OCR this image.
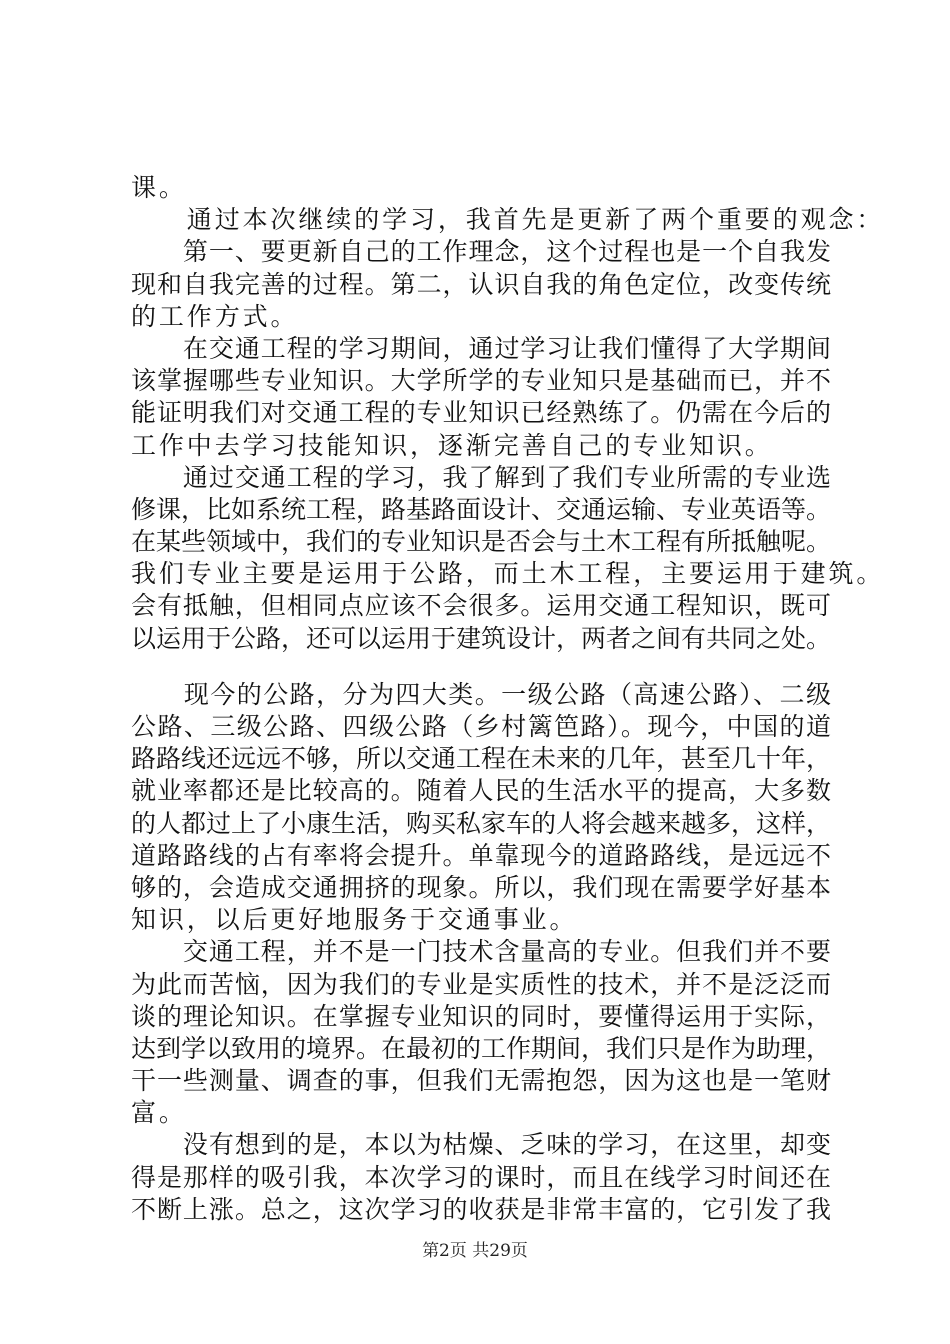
课。
　　通过本次继续的学习，我首先是更新了两个重要的观念：
　　第一、要更新自己的工作理念，这个过程也是一个自我发
现和自我完善的过程。第二，认识自我的角色定位，改变传统
的工作方式。
　　在交通工程的学习期间，通过学习让我们懂得了大学期间
该掌握哪些专业知识。大学所学的专业知只是基础而已，并不
能证明我们对交通工程的专业知识已经熟练了。仍需在今后的
工作中去学习技能知识，逐渐完善自己的专业知识。
　　通过交通工程的学习，我了解到了我们专业所需的专业选
修课，比如系统工程，路基路面设计、交通运输、专业英语等。
在某些领域中，我们的专业知识是否会与土木工程有所抵触呢。
我们专业主要是运用于公路，而土木工程，主要运用于建筑。
会有抵触，但相同点应该不会很多。运用交通工程知识，既可
以运用于公路，还可以运用于建筑设计，两者之间有共同之处。
　　现今的公路，分为四大类。一级公路（高速公路）、二级
公路、三级公路、四级公路（乡村篱笆路）。现今，中国的道
路路线还远远不够，所以交通工程在未来的几年，甚至几十年，
就业率都还是比较高的。随着人民的生活水平的提高，大多数
的人都过上了小康生活，购买私家车的人将会越来越多，这样，
道路路线的占有率将会提升。单靠现今的道路路线，是远远不
够的，会造成交通拥挤的现象。所以，我们现在需要学好基本
知识，以后更好地服务于交通事业。
　　交通工程，并不是一门技术含量高的专业。但我们并不要
为此而苦恼，因为我们的专业是实质性的技术，并不是泛泛而
谈的理论知识。在掌握专业知识的同时，要懂得运用于实际，
达到学以致用的境界。在最初的工作期间，我们只是作为助理，
干一些测量、调查的事，但我们无需抱怨，因为这也是一笔财
富。
　　没有想到的是，本以为枯燥、乏味的学习，在这里，却变
得是那样的吸引我，本次学习的课时，而且在线学习时间还在
不断上涨。总之，这次学习的收获是非常丰富的，它引发了我
第2页 共29页
